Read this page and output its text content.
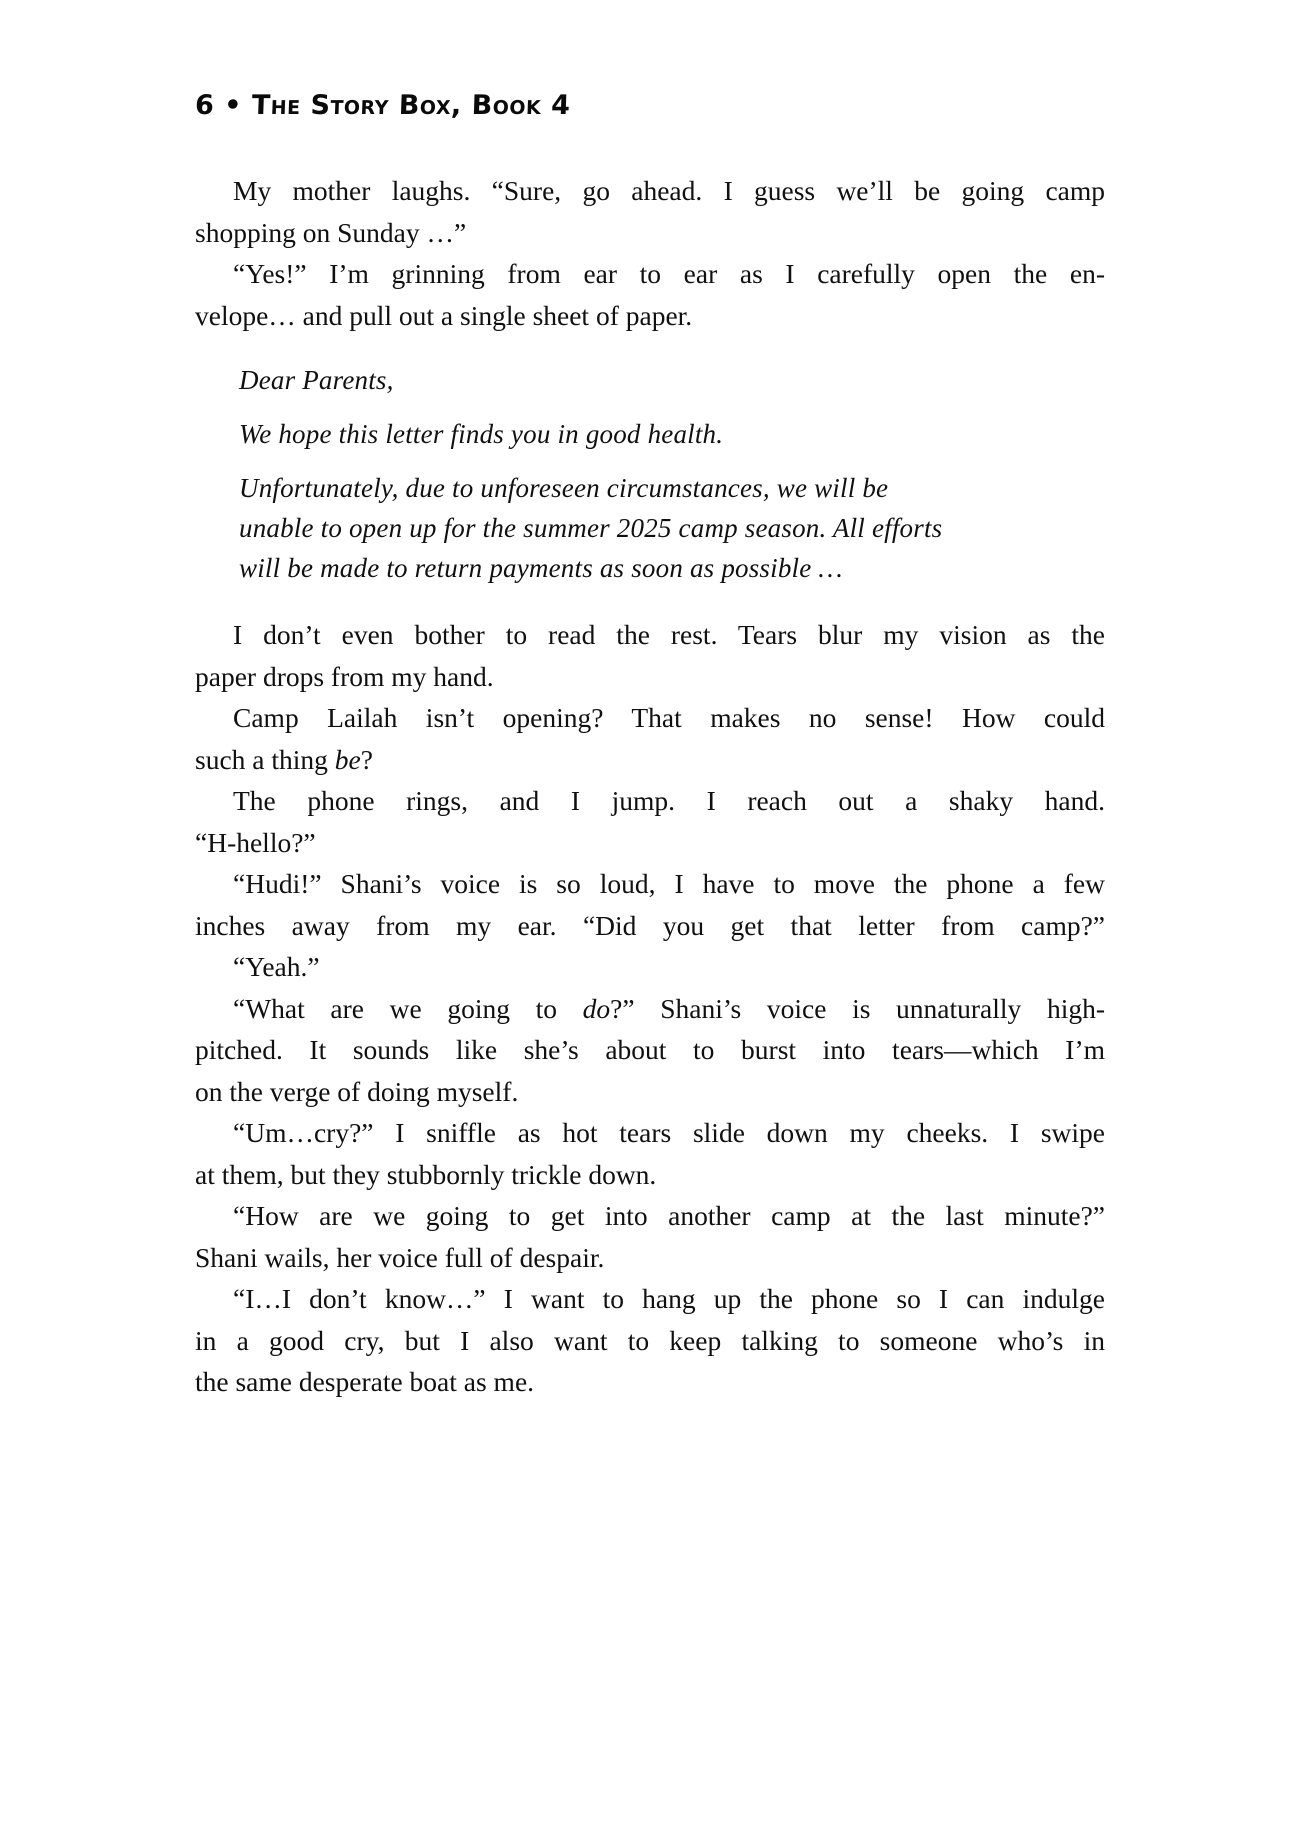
6 • The Story Box, Book 4
My mother laughs. “Sure, go ahead. I guess we’ll be going camp
shopping on Sunday …”
“Yes!” I’m grinning from ear to ear as I carefully open the en-
velope… and pull out a single sheet of paper.
Dear Parents,
We hope this letter finds you in good health.
Unfortunately, due to unforeseen circumstances, we will be
unable to open up for the summer 2025 camp season. All efforts
will be made to return payments as soon as possible …
I don’t even bother to read the rest. Tears blur my vision as the
paper drops from my hand.
Camp Lailah isn’t opening? That makes no sense! How could
such a thing be?
The phone rings, and I jump. I reach out a shaky hand.
“H-hello?”
“Hudi!” Shani’s voice is so loud, I have to move the phone a few
inches away from my ear. “Did you get that letter from camp?”
“Yeah.”
“What are we going to do?” Shani’s voice is unnaturally high-
pitched. It sounds like she’s about to burst into tears—which I’m
on the verge of doing myself.
“Um…cry?” I sniffle as hot tears slide down my cheeks. I swipe
at them, but they stubbornly trickle down.
“How are we going to get into another camp at the last minute?”
Shani wails, her voice full of despair.
“I…I don’t know…” I want to hang up the phone so I can indulge
in a good cry, but I also want to keep talking to someone who’s in
the same desperate boat as me.
